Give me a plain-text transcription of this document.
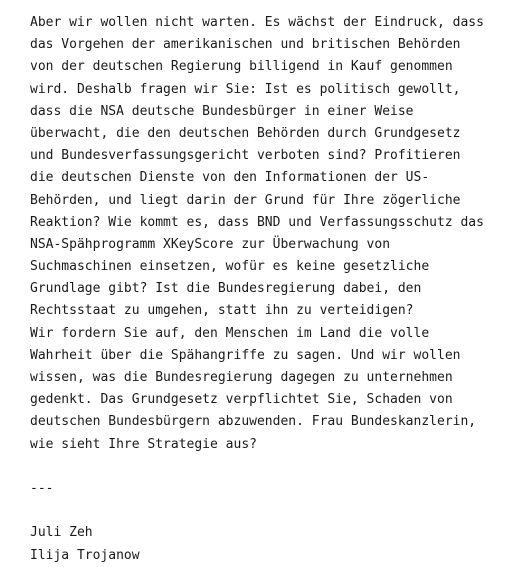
Aber wir wollen nicht warten. Es wächst der Eindruck, dass
das Vorgehen der amerikanischen und britischen Behörden
von der deutschen Regierung billigend in Kauf genommen
wird. Deshalb fragen wir Sie: Ist es politisch gewollt,
dass die NSA deutsche Bundesbürger in einer Weise
überwacht, die den deutschen Behörden durch Grundgesetz
und Bundesverfassungsgericht verboten sind? Profitieren
die deutschen Dienste von den Informationen der US-
Behörden, und liegt darin der Grund für Ihre zögerliche
Reaktion? Wie kommt es, dass BND und Verfassungsschutz das
NSA-Spähprogramm XKeyScore zur Überwachung von
Suchmaschinen einsetzen, wofür es keine gesetzliche
Grundlage gibt? Ist die Bundesregierung dabei, den
Rechtsstaat zu umgehen, statt ihn zu verteidigen?
Wir fordern Sie auf, den Menschen im Land die volle
Wahrheit über die Spähangriffe zu sagen. Und wir wollen
wissen, was die Bundesregierung dagegen zu unternehmen
gedenkt. Das Grundgesetz verpflichtet Sie, Schaden von
deutschen Bundesbürgern abzuwenden. Frau Bundeskanzlerin,
wie sieht Ihre Strategie aus?
---
Juli Zeh
Ilija Trojanow
